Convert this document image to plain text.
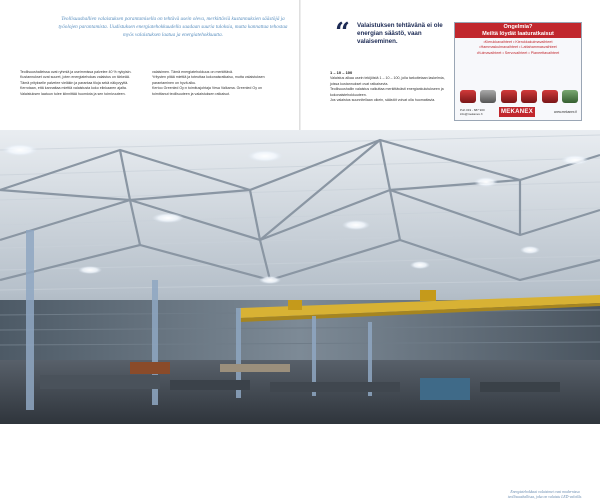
Teollisuushallien valaistuksen parantamisella on tehtävä usein oleva, merkittäviä kustannuksien säästöjä ja työolojen parantamista. Uudistuksen energiatehokkuudella saadaan suuria tuloksia, mutta kannattaa tehostaa myös valaistuksen laatua ja energiatehokkuutta.

Teollisuushalleissa ovat ryhmiä ja useimmissa palvelee 40 % nykyisin.

Kustannukset ovat suuret, joten energiatehokas valaistus on tärkeää.

Tämä yritykselle palvelee vieläkin ja parantaa tiloja sekä näkyvyyttä.

Kerrotaan, että kannattaa miettiä valaistusta koko elinkaaren ajalta.

Valaistuksen laatuun tulee kiinnittää huomiota ja sen toimivuuteen.

valaisimen. Tämä energiatehokkuus on merkittävä.

Yritysten pitää miettiä ja toteuttaa kokonaisratkaisu, mutta valaistuksen parantaminen on hyvä alku.

Kertoo Greenled Oy:n toimitusjohtaja Vesa Valkama. Greenled Oy on toimittanut teollisuuteen ja valaistuksen ratkaisut.

“ Valaistuksen tehtävänä ei ole energian säästö, vaan valaiseminen.
1 – 10 – 100

Valaistus alkaa usein tekijöistä 1 – 10 – 100, jolla tarkoitetaan laskelmia, joissa kustannukset ovat ratkaisevia.

Teollisuushallin valaistus vaikuttaa merkittävästi energiankulutukseen ja kokonaistehokkuuteen.

Jos valaistus suunnitellaan oikein, säästöt voivat olla huomattavia.

Ongelmia?
Meiltä löydät laaturatkaisut
• Kierukkavaihteet • Kierukkakulmavaihteet
• Hammaskulmavaihteet • Lattahammasvaihteet
• Kulmavaihteet • Servovaihteet • Planeettavaihteet
Puh 019 - 687 900
info@mekanex.fi	MEKANEX	www.mekanex.fi
Energiatehokkaat valaisimet ovat modernissa teollisuushallissa, joka on valaistu LED-valoilla.
